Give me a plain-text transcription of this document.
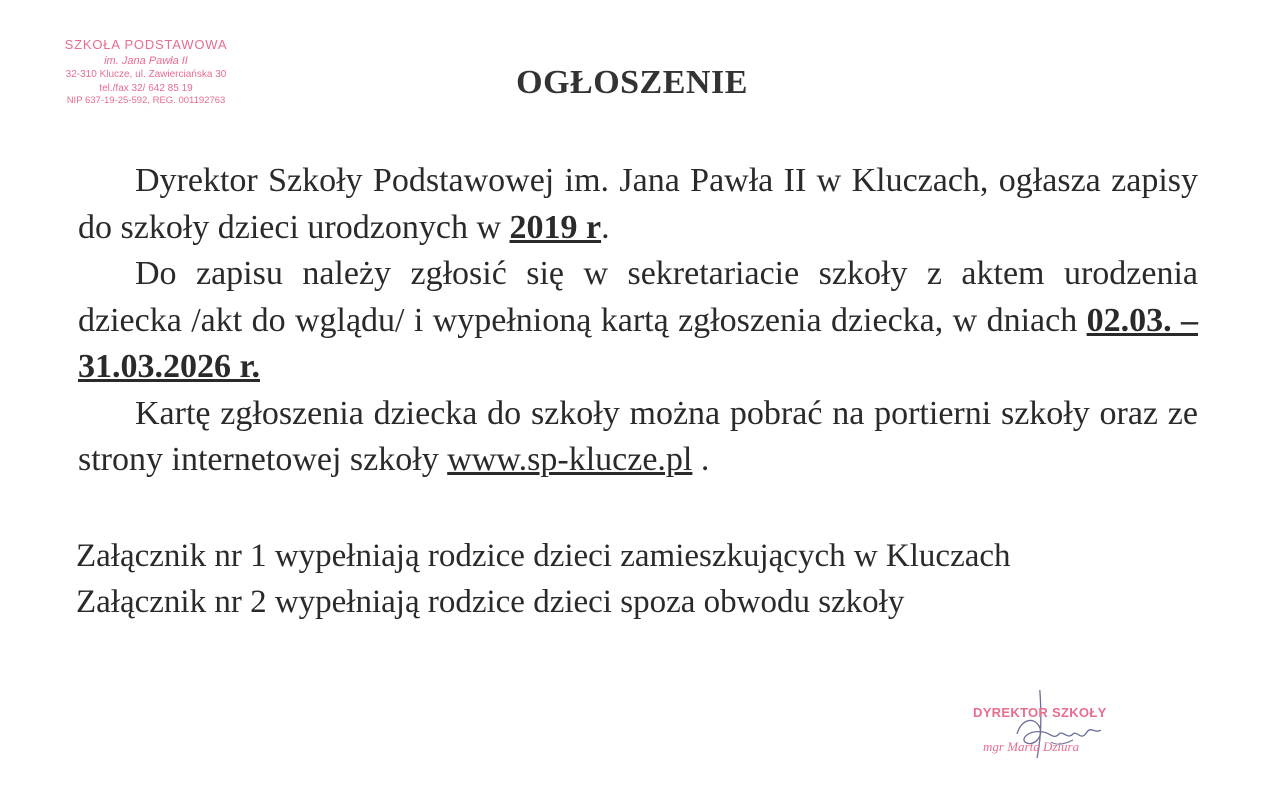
SZKOŁA PODSTAWOWA
im. Jana Pawła II
32-310 Klucze, ul. Zawierciańska 30
tel./fax 32/ 642 85 19
NIP 637-19-25-592, REG. 001192763	OGŁOSZENIE

Dyrektor Szkoły Podstawowej im. Jana Pawła II w Kluczach, ogłasza zapisy do szkoły dzieci urodzonych w 2019 r.

Do zapisu należy zgłosić się w sekretariacie szkoły z aktem urodzenia dziecka /akt do wglądu/ i wypełnioną kartą zgłoszenia dziecka, w dniach 02.03. – 31.03.2026 r.

Kartę zgłoszenia dziecka do szkoły można pobrać na portierni szkoły oraz ze strony internetowej szkoły www.sp-klucze.pl .

Załącznik nr 1 wypełniają rodzice dzieci zamieszkujących w Kluczach
Załącznik nr 2 wypełniają rodzice dzieci spoza obwodu szkoły
DYREKTOR SZKOŁY
mgr Marta Dziura
